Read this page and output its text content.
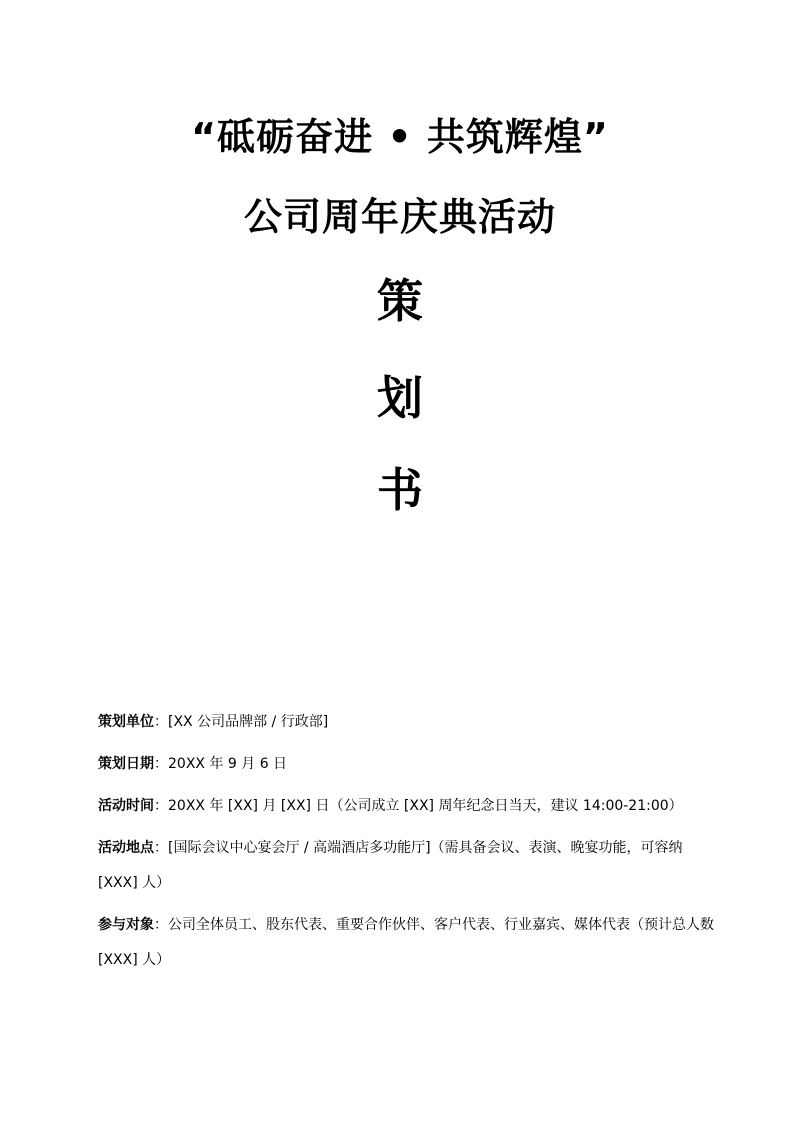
“砥砺奋进 • 共筑辉煌”
公司周年庆典活动
策
划
书
策划单位：[XX 公司品牌部 / 行政部]
策划日期：20XX 年 9 月 6 日
活动时间：20XX 年 [XX] 月 [XX] 日（公司成立 [XX] 周年纪念日当天，建议 14:00-21:00）
活动地点：[国际会议中心宴会厅 / 高端酒店多功能厅]（需具备会议、表演、晚宴功能，可容纳 [XXX] 人）
参与对象：公司全体员工、股东代表、重要合作伙伴、客户代表、行业嘉宾、媒体代表（预计总人数 [XXX] 人）
